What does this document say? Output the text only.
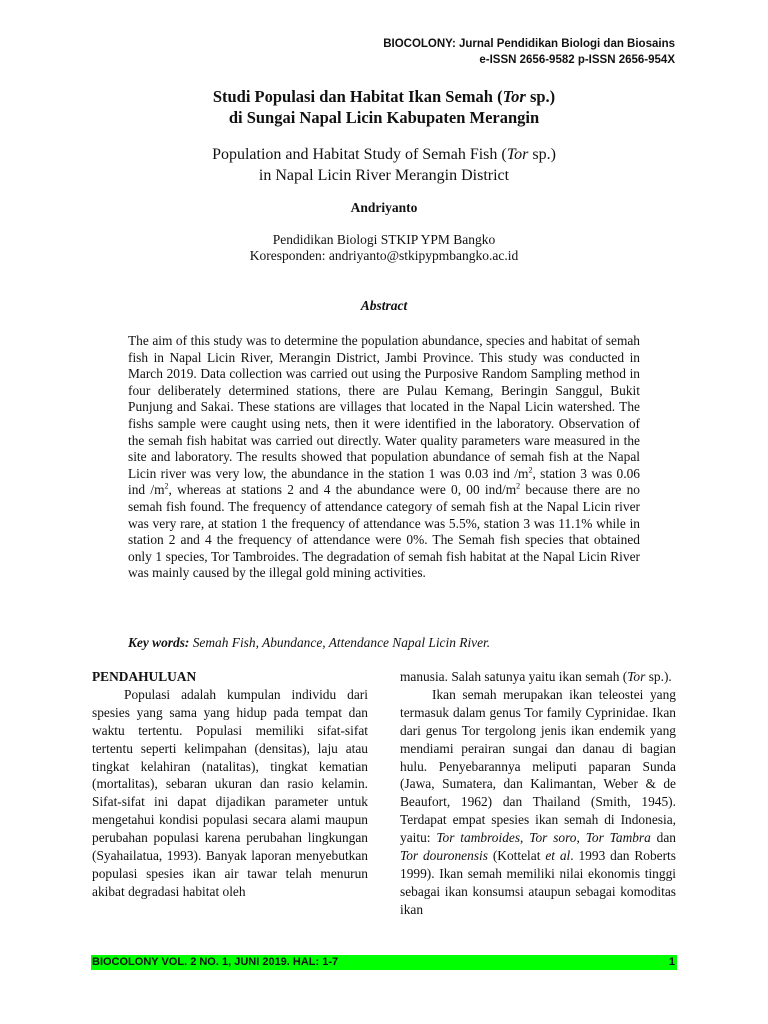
BIOCOLONY: Jurnal Pendidikan Biologi dan Biosains
e-ISSN 2656-9582 p-ISSN 2656-954X
Studi Populasi dan Habitat Ikan Semah (Tor sp.)
di Sungai Napal Licin Kabupaten Merangin
Population and Habitat Study of Semah Fish (Tor sp.)
in Napal Licin River Merangin District
Andriyanto
Pendidikan Biologi STKIP YPM Bangko
Koresponden: andriyanto@stkipypmbangko.ac.id
Abstract

The aim of this study was to determine the population abundance, species and habitat of semah fish in Napal Licin River, Merangin District, Jambi Province. This study was conducted in March 2019. Data collection was carried out using the Purposive Random Sampling method in four deliberately determined stations, there are Pulau Kemang, Beringin Sanggul, Bukit Punjung and Sakai. These stations are villages that located in the Napal Licin watershed. The fishs sample were caught using nets, then it were identified in the laboratory. Observation of the semah fish habitat was carried out directly. Water quality parameters ware measured in the site and laboratory. The results showed that population abundance of semah fish at the Napal Licin river was very low, the abundance in the station 1 was 0.03 ind $/m^2$, station 3 was 0.06 ind $/m^2$, whereas at stations 2 and 4 the abundance were 0, 00 ind/$m^2$ because there are no semah fish found. The frequency of attendance category of semah fish at the Napal Licin river was very rare, at station 1 the frequency of attendance was 5.5%, station 3 was 11.1% while in station 2 and 4 the frequency of attendance were 0%. The Semah fish species that obtained only 1 species, Tor Tambroides. The degradation of semah fish habitat at the Napal Licin River was mainly caused by the illegal gold mining activities.

Key words: Semah Fish, Abundance, Attendance Napal Licin River.

PENDAHULUAN

Populasi adalah kumpulan individu dari spesies yang sama yang hidup pada tempat dan waktu tertentu. Populasi memiliki sifat-sifat tertentu seperti kelimpahan (densitas), laju atau tingkat kelahiran (natalitas), tingkat kematian (mortalitas), sebaran ukuran dan rasio kelamin. Sifat-sifat ini dapat dijadikan parameter untuk mengetahui kondisi populasi secara alami maupun perubahan populasi karena perubahan lingkungan (Syahailatua, 1993). Banyak laporan menyebutkan populasi spesies ikan air tawar telah menurun akibat degradasi habitat oleh

manusia. Salah satunya yaitu ikan semah (Tor sp.).

Ikan semah merupakan ikan teleostei yang termasuk dalam genus Tor family Cyprinidae. Ikan dari genus Tor tergolong jenis ikan endemik yang mendiami perairan sungai dan danau di bagian hulu. Penyebarannya meliputi paparan Sunda (Jawa, Sumatera, dan Kalimantan, Weber & de Beaufort, 1962) dan Thailand (Smith, 1945). Terdapat empat spesies ikan semah di Indonesia, yaitu: Tor tambroides, Tor soro, Tor Tambra dan Tor douronensis (Kottelat et al. 1993 dan Roberts 1999). Ikan semah memiliki nilai ekonomis tinggi sebagai ikan konsumsi ataupun sebagai komoditas ikan

BIOCOLONY VOL. 2 NO. 1, JUNI 2019. HAL: 1-7	1
